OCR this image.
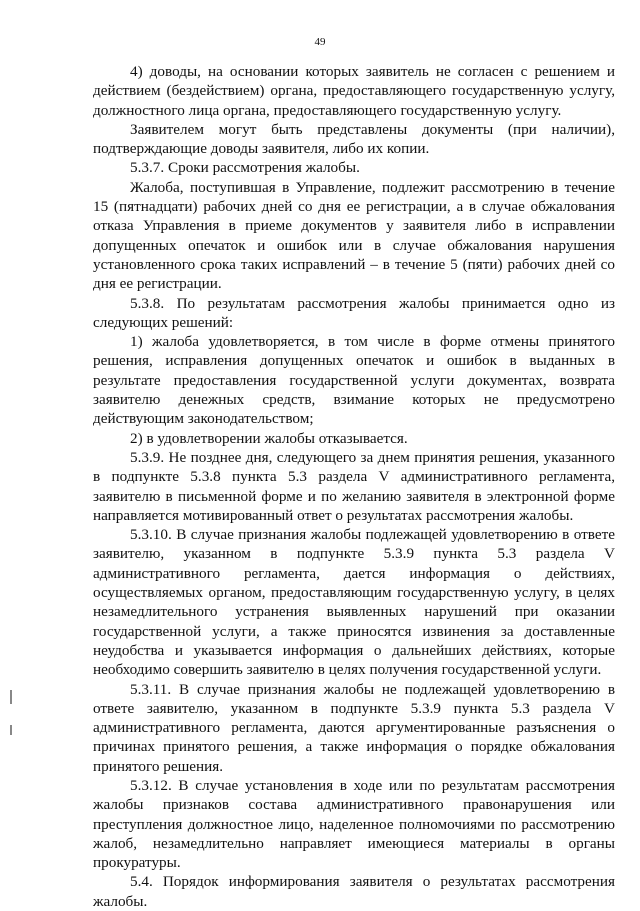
49

4) доводы, на основании которых заявитель не согласен с решением и действием (бездействием) органа, предоставляющего государственную услугу, должностного лица органа, предоставляющего государственную услугу.

Заявителем могут быть представлены документы (при наличии), подтверждающие доводы заявителя, либо их копии.

5.3.7. Сроки рассмотрения жалобы.

Жалоба, поступившая в Управление, подлежит рассмотрению в течение 15 (пятнадцати) рабочих дней со дня ее регистрации, а в случае обжалования отказа Управления в приеме документов у заявителя либо в исправлении допущенных опечаток и ошибок или в случае обжалования нарушения установленного срока таких исправлений – в течение 5 (пяти) рабочих дней со дня ее регистрации.

5.3.8. По результатам рассмотрения жалобы принимается одно из следующих решений:

1) жалоба удовлетворяется, в том числе в форме отмены принятого решения, исправления допущенных опечаток и ошибок в выданных в результате предоставления государственной услуги документах, возврата заявителю денежных средств, взимание которых не предусмотрено действующим законодательством;

2) в удовлетворении жалобы отказывается.

5.3.9. Не позднее дня, следующего за днем принятия решения, указанного в подпункте 5.3.8 пункта 5.3 раздела V административного регламента, заявителю в письменной форме и по желанию заявителя в электронной форме направляется мотивированный ответ о результатах рассмотрения жалобы.

5.3.10. В случае признания жалобы подлежащей удовлетворению в ответе заявителю, указанном в подпункте 5.3.9 пункта 5.3 раздела V административного регламента, дается информация о действиях, осуществляемых органом, предоставляющим государственную услугу, в целях незамедлительного устранения выявленных нарушений при оказании государственной услуги, а также приносятся извинения за доставленные неудобства и указывается информация о дальнейших действиях, которые необходимо совершить заявителю в целях получения государственной услуги.

5.3.11. В случае признания жалобы не подлежащей удовлетворению в ответе заявителю, указанном в подпункте 5.3.9 пункта 5.3 раздела V административного регламента, даются аргументированные разъяснения о причинах принятого решения, а также информация о порядке обжалования принятого решения.

5.3.12. В случае установления в ходе или по результатам рассмотрения жалобы признаков состава административного правонарушения или преступления должностное лицо, наделенное полномочиями по рассмотрению жалоб, незамедлительно направляет имеющиеся материалы в органы прокуратуры.

5.4. Порядок информирования заявителя о результатах рассмотрения жалобы.
